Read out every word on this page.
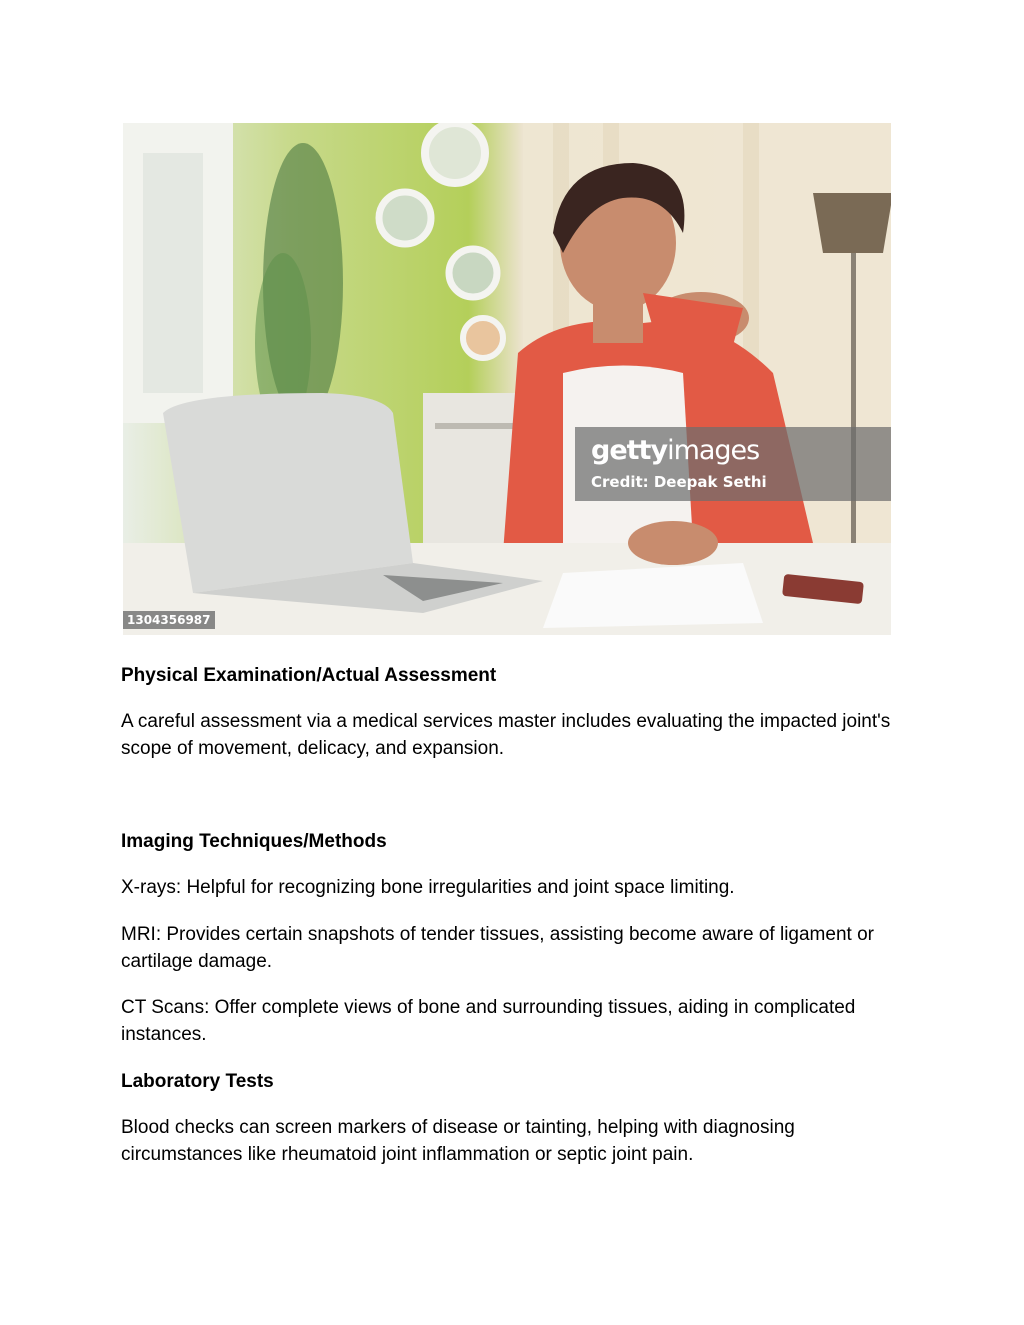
gettyimages
Credit: Deepak Sethi
1304356987
Physical Examination/Actual Assessment
A careful assessment via a medical services master includes evaluating the impacted joint's scope of movement, delicacy, and expansion.
Imaging Techniques/Methods
X-rays: Helpful for recognizing bone irregularities and joint space limiting.
MRI: Provides certain snapshots of tender tissues, assisting become aware of ligament or cartilage damage.
CT Scans: Offer complete views of bone and surrounding tissues, aiding in complicated instances.
Laboratory Tests
Blood checks can screen markers of disease or tainting, helping with diagnosing circumstances like rheumatoid joint inflammation or septic joint pain.
